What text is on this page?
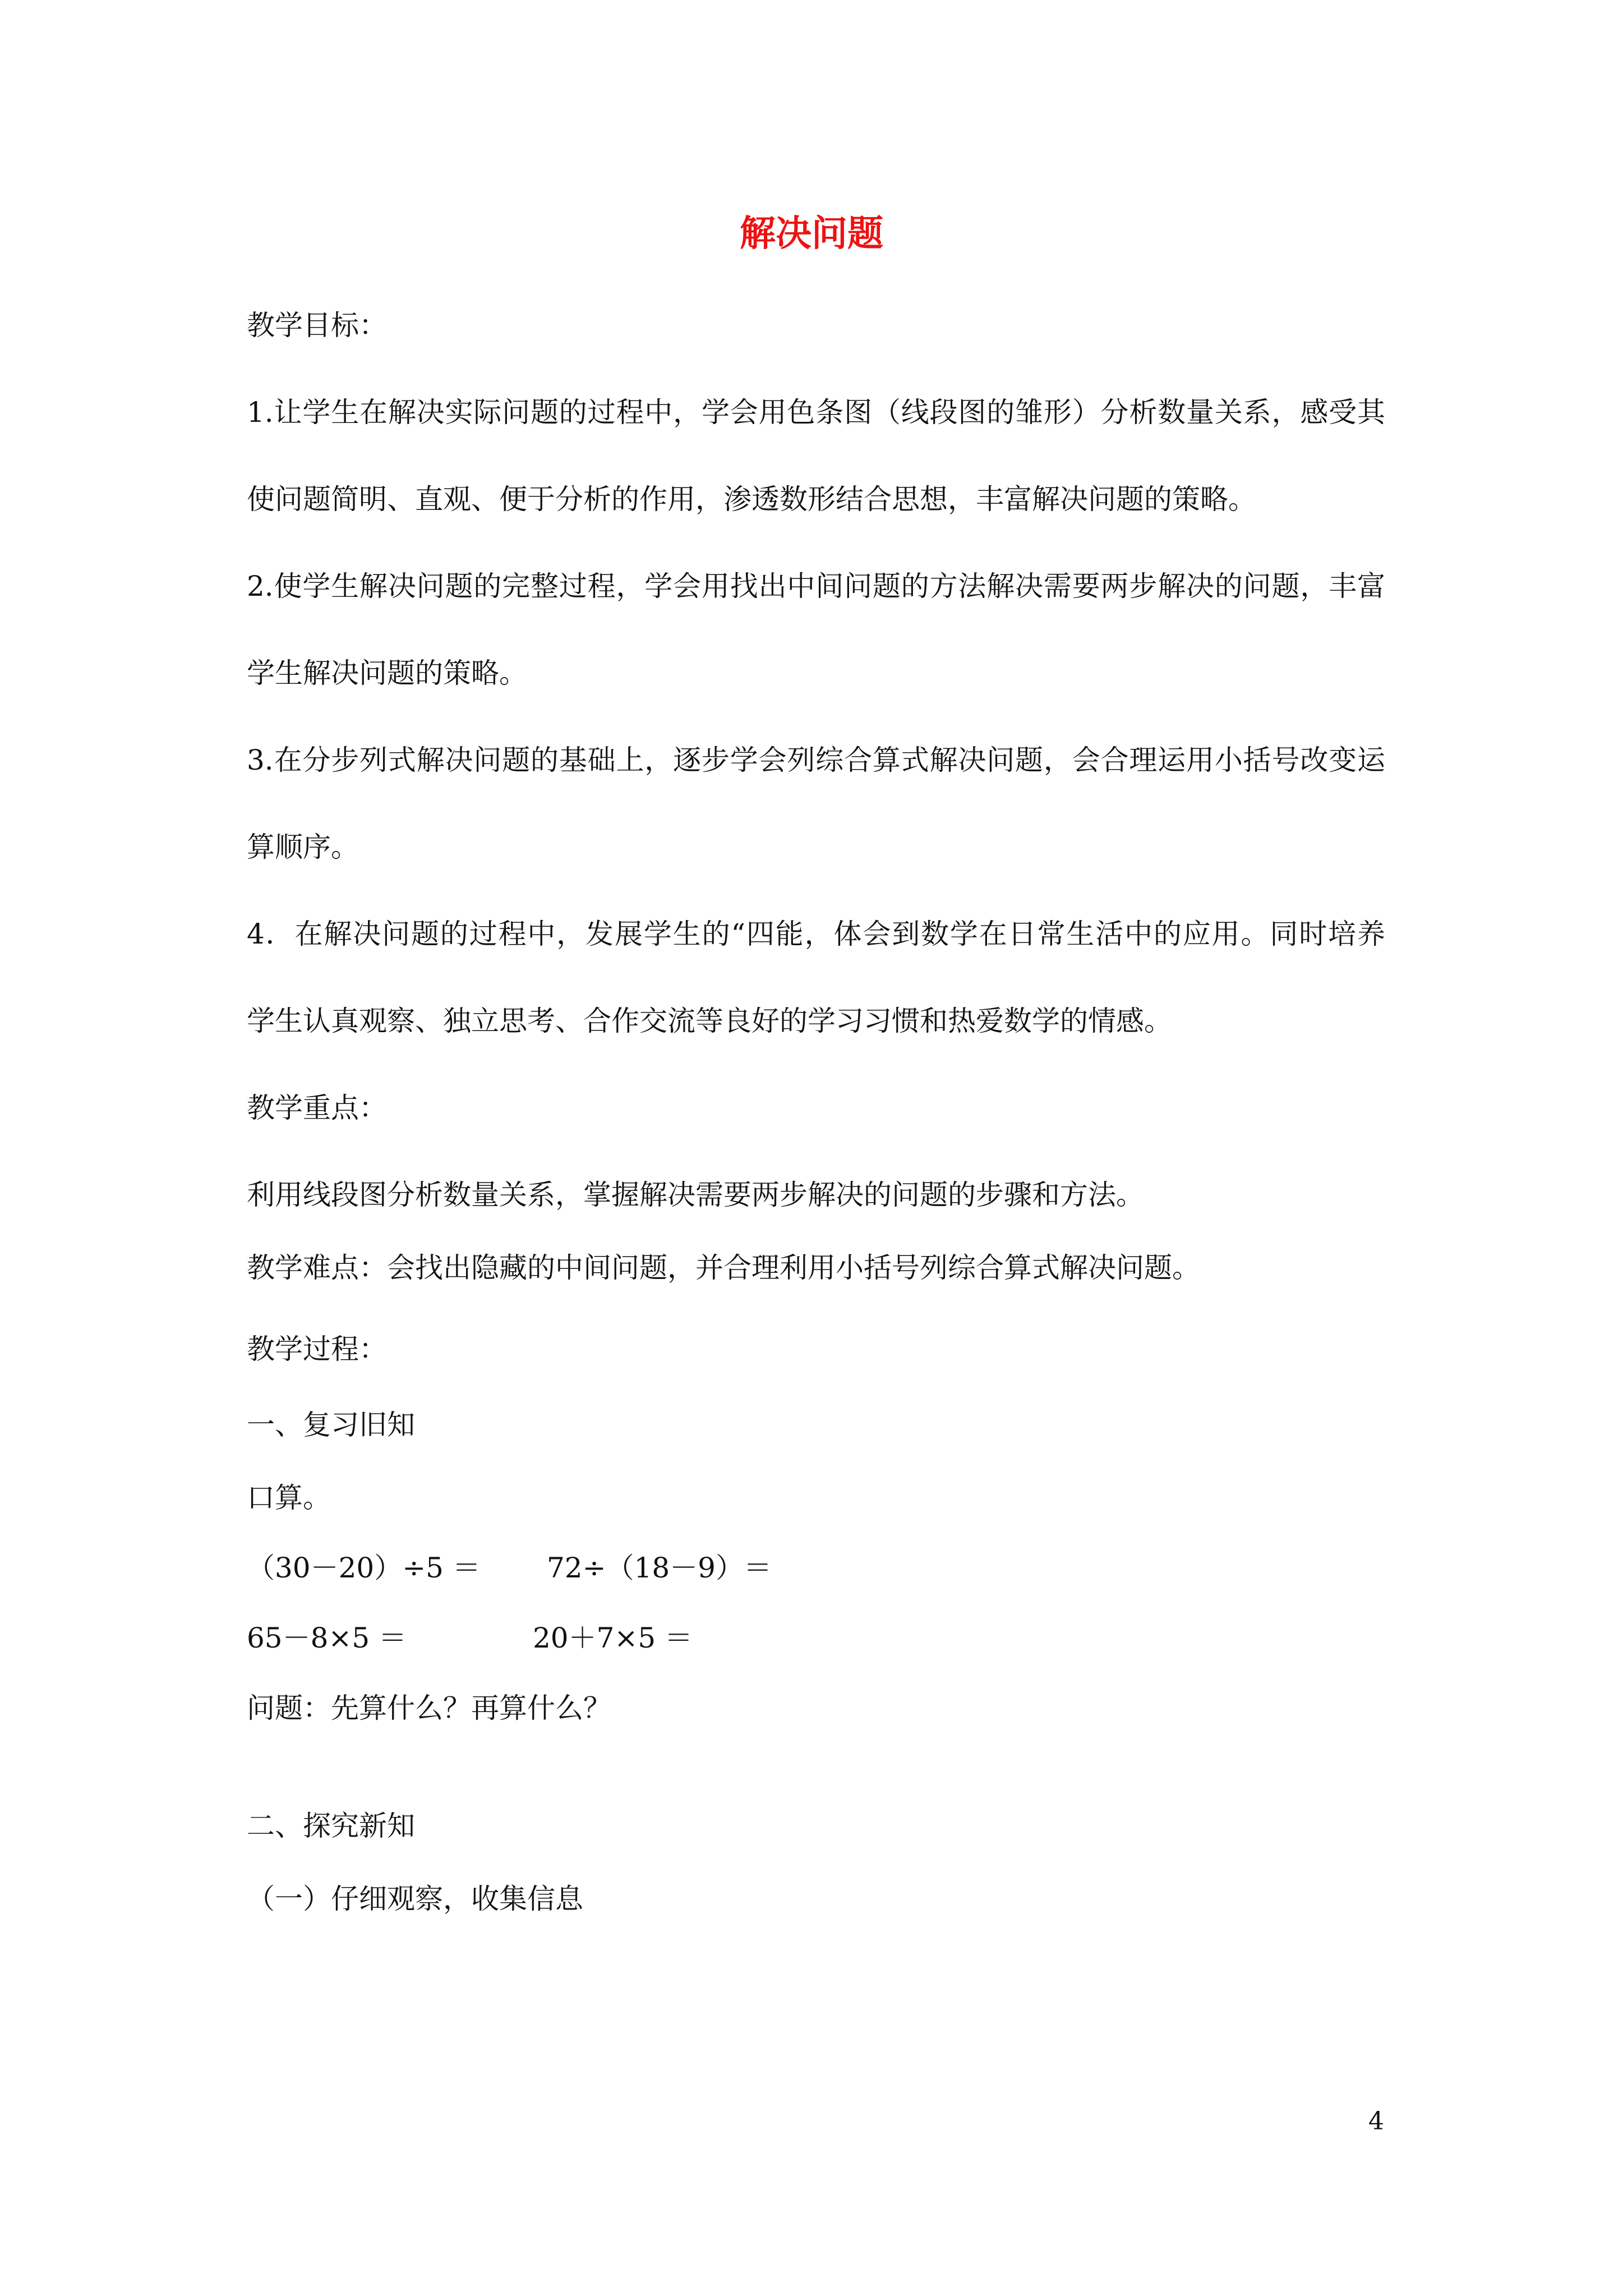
解决问题
教学目标：
1.让学生在解决实际问题的过程中，学会用色条图（线段图的雏形）分析数量关系，感受其
使问题简明、直观、便于分析的作用，渗透数形结合思想，丰富解决问题的策略。
2.使学生解决问题的完整过程，学会用找出中间问题的方法解决需要两步解决的问题，丰富
学生解决问题的策略。
3.在分步列式解决问题的基础上，逐步学会列综合算式解决问题，会合理运用小括号改变运
算顺序。
4．在解决问题的过程中，发展学生的“四能，体会到数学在日常生活中的应用。同时培养
学生认真观察、独立思考、合作交流等良好的学习习惯和热爱数学的情感。
教学重点：
利用线段图分析数量关系，掌握解决需要两步解决的问题的步骤和方法。
教学难点：会找出隐藏的中间问题，并合理利用小括号列综合算式解决问题。
教学过程：
一、复习旧知
口算。
（30－20）÷5 ＝ 72÷（18－9）＝
65－8×5 ＝	20＋7×5 ＝
问题：先算什么？再算什么？
二、探究新知
（一）仔细观察，收集信息
4
